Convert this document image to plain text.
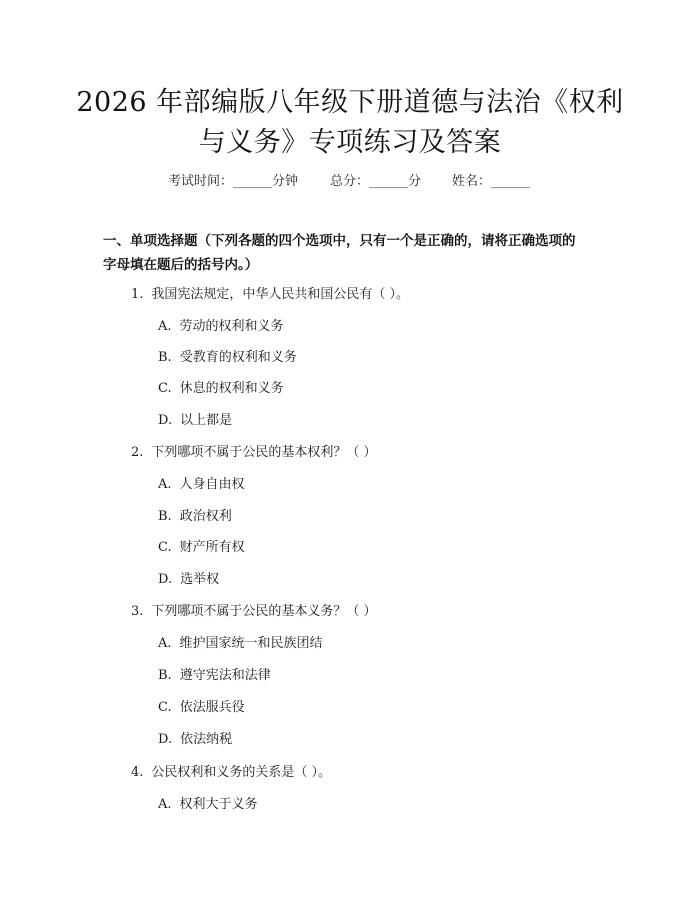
2026 年部编版八年级下册道德与法治《权利
与义务》专项练习及答案
考试时间：______分钟 总分：______分 姓名：______
一、单项选择题（下列各题的四个选项中，只有一个是正确的，请将正确选项的
字母填在题后的括号内。）
1. 我国宪法规定，中华人民共和国公民有（ ）。
A. 劳动的权利和义务
B. 受教育的权利和义务
C. 休息的权利和义务
D. 以上都是
2. 下列哪项不属于公民的基本权利？（ ）
A. 人身自由权
B. 政治权利
C. 财产所有权
D. 选举权
3. 下列哪项不属于公民的基本义务？（ ）
A. 维护国家统一和民族团结
B. 遵守宪法和法律
C. 依法服兵役
D. 依法纳税
4. 公民权利和义务的关系是（ ）。
A. 权利大于义务
